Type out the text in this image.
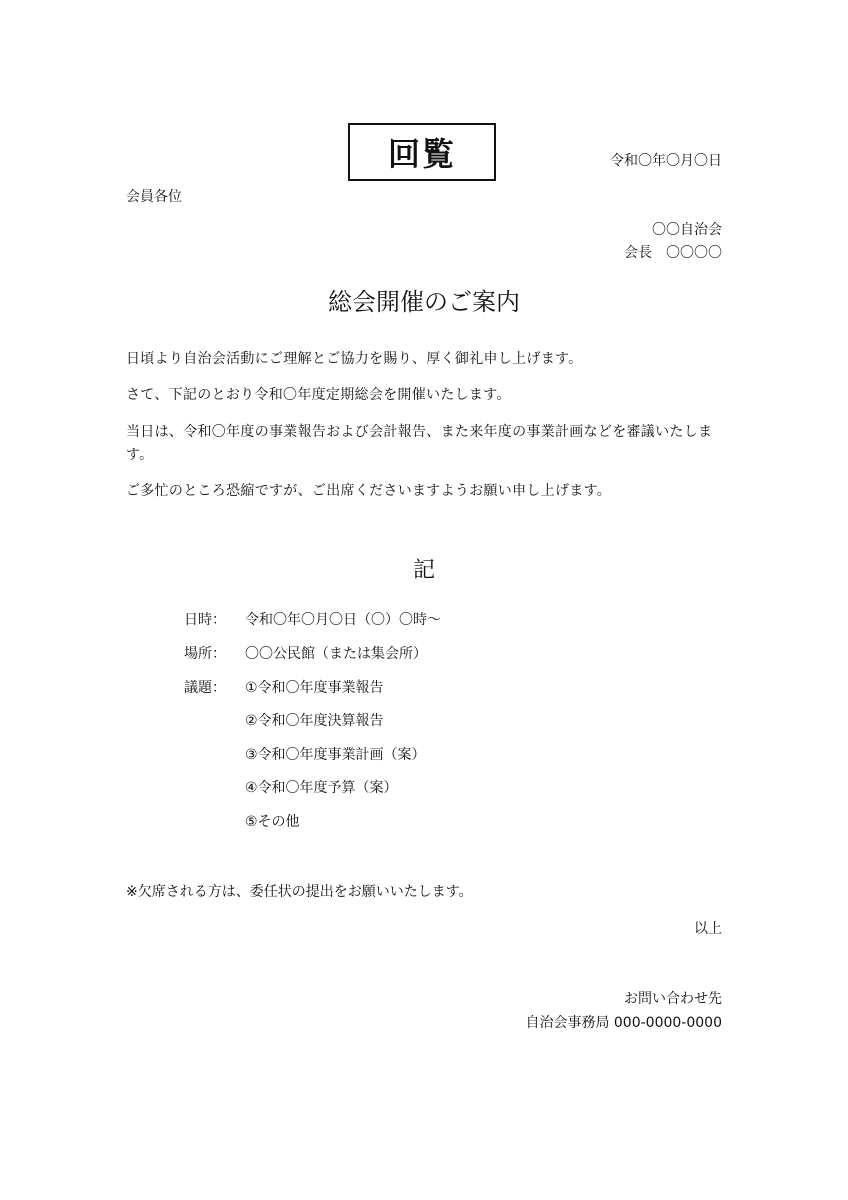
回覧	令和〇年〇月〇日
会員各位
〇〇自治会
会長　〇〇〇〇
総会開催のご案内
日頃より自治会活動にご理解とご協力を賜り、厚く御礼申し上げます。
さて、下記のとおり令和〇年度定期総会を開催いたします。
当日は、令和〇年度の事業報告および会計報告、また来年度の事業計画などを審議いたします。
ご多忙のところ恐縮ですが、ご出席くださいますようお願い申し上げます。
記
日時： 令和〇年〇月〇日（〇）〇時～
場所： 〇〇公民館（または集会所）
議題： ①令和〇年度事業報告
②令和〇年度決算報告
③令和〇年度事業計画（案）
④令和〇年度予算（案）
⑤その他
※欠席される方は、委任状の提出をお願いいたします。
以上
お問い合わせ先
自治会事務局 000-0000-0000
